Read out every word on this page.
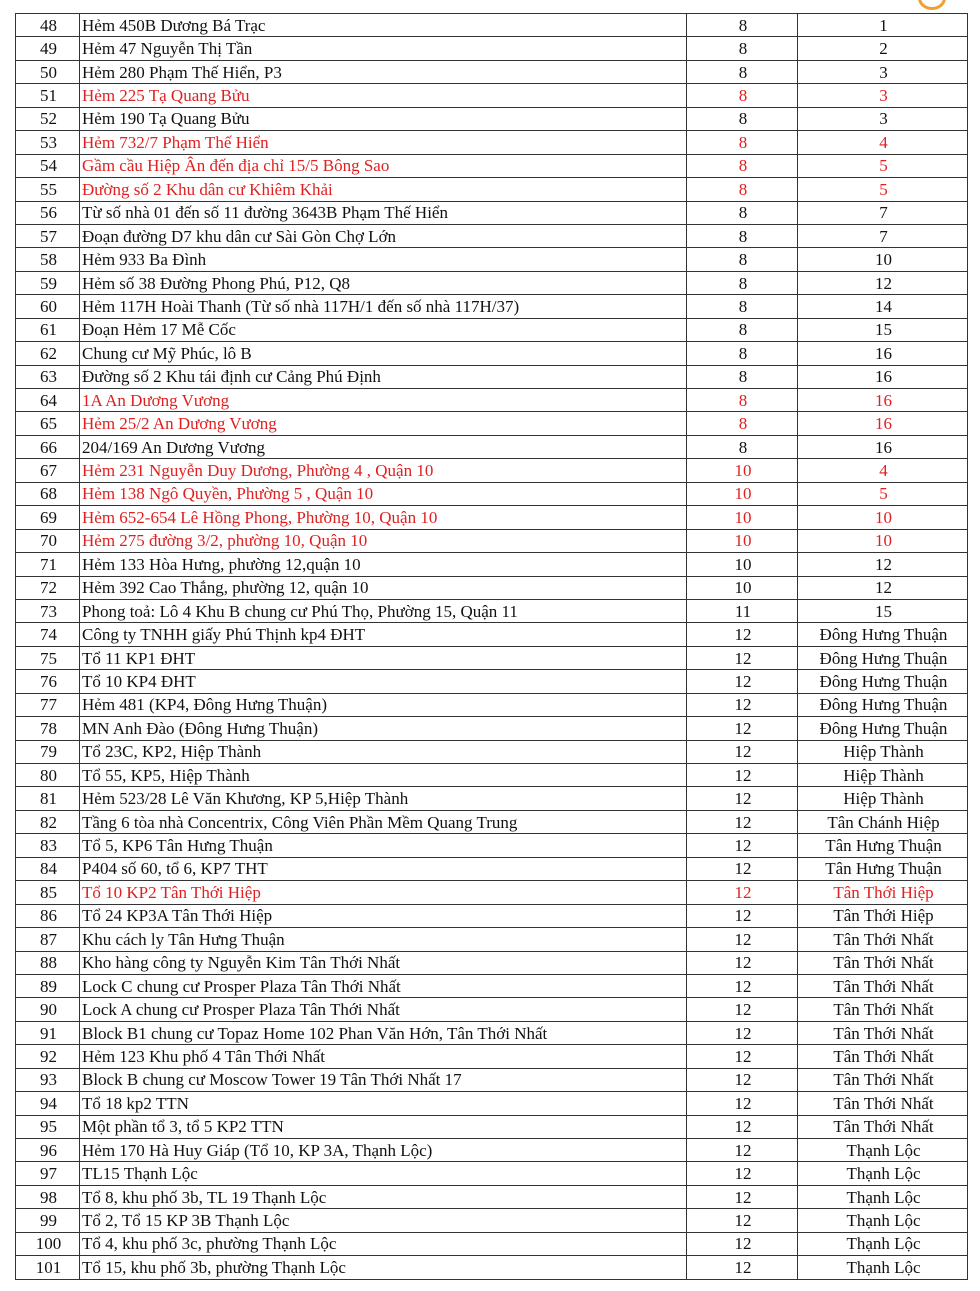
48	Hẻm 450B Dương Bá Trạc	8	1
49	Hẻm 47 Nguyễn Thị Tần	8	2
50	Hẻm 280 Phạm Thế Hiển, P3	8	3
51	Hẻm 225 Tạ Quang Bửu	8	3
52	Hẻm 190 Tạ Quang Bửu	8	3
53	Hẻm 732/7 Phạm Thế Hiển	8	4
54	Gầm cầu Hiệp Ân đến địa chỉ 15/5 Bông Sao	8	5
55	Đường số 2 Khu dân cư Khiêm Khải	8	5
56	Từ số nhà 01 đến số 11 đường 3643B Phạm Thế Hiển	8	7
57	Đoạn đường D7 khu dân cư Sài Gòn Chợ Lớn	8	7
58	Hẻm 933 Ba Đình	8	10
59	Hẻm số 38 Đường Phong Phú, P12, Q8	8	12
60	Hẻm 117H Hoài Thanh (Từ số nhà 117H/1 đến số nhà 117H/37)	8	14
61	Đoạn Hẻm 17 Mễ Cốc	8	15
62	Chung cư Mỹ Phúc, lô B	8	16
63	Đường số 2 Khu tái định cư Cảng Phú Định	8	16
64	1A An Dương Vương	8	16
65	Hẻm 25/2 An Dương Vương	8	16
66	204/169 An Dương Vương	8	16
67	Hẻm 231 Nguyễn Duy Dương, Phường 4 , Quận 10	10	4
68	Hẻm 138 Ngô Quyền, Phường 5 , Quận 10	10	5
69	Hẻm 652-654 Lê Hồng Phong, Phường 10, Quận 10	10	10
70	Hẻm 275 đường 3/2, phường 10, Quận 10	10	10
71	Hẻm 133 Hòa Hưng, phường 12,quận 10	10	12
72	Hẻm 392 Cao Thắng, phường 12, quận 10	10	12
73	Phong toả: Lô 4 Khu B chung cư Phú Thọ, Phường 15, Quận 11	11	15
74	Công ty TNHH giấy Phú Thịnh kp4 ĐHT	12	Đông Hưng Thuận
75	Tổ 11 KP1 ĐHT	12	Đông Hưng Thuận
76	Tổ 10 KP4 ĐHT	12	Đông Hưng Thuận
77	Hẻm 481 (KP4, Đông Hưng Thuận)	12	Đông Hưng Thuận
78	MN Anh Đào (Đông Hưng Thuận)	12	Đông Hưng Thuận
79	Tổ 23C, KP2, Hiệp Thành	12	Hiệp Thành
80	Tổ 55, KP5, Hiệp Thành	12	Hiệp Thành
81	Hẻm 523/28 Lê Văn Khương, KP 5,Hiệp Thành	12	Hiệp Thành
82	Tầng 6 tòa nhà Concentrix, Công Viên Phần Mềm Quang Trung	12	Tân Chánh Hiệp
83	Tổ 5, KP6 Tân Hưng Thuận	12	Tân Hưng Thuận
84	P404 số 60, tổ 6, KP7 THT	12	Tân Hưng Thuận
85	Tổ 10 KP2 Tân Thới Hiệp	12	Tân Thới Hiệp
86	Tổ 24 KP3A Tân Thới Hiệp	12	Tân Thới Hiệp
87	Khu cách ly Tân Hưng Thuận	12	Tân Thới Nhất
88	Kho hàng công ty Nguyễn Kim Tân Thới Nhất	12	Tân Thới Nhất
89	Lock C chung cư Prosper Plaza Tân Thới Nhất	12	Tân Thới Nhất
90	Lock A chung cư Prosper Plaza Tân Thới Nhất	12	Tân Thới Nhất
91	Block B1 chung cư Topaz Home 102 Phan Văn Hớn, Tân Thới Nhất	12	Tân Thới Nhất
92	Hẻm 123 Khu phố 4 Tân Thới Nhất	12	Tân Thới Nhất
93	Block B chung cư Moscow Tower 19 Tân Thới Nhất 17	12	Tân Thới Nhất
94	Tổ 18 kp2 TTN	12	Tân Thới Nhất
95	Một phần tổ 3, tổ 5 KP2 TTN	12	Tân Thới Nhất
96	Hẻm 170 Hà Huy Giáp (Tổ 10, KP 3A, Thạnh Lộc)	12	Thạnh Lộc
97	TL15 Thạnh Lộc	12	Thạnh Lộc
98	Tổ 8, khu phố 3b, TL 19 Thạnh Lộc	12	Thạnh Lộc
99	Tổ 2, Tổ 15 KP 3B Thạnh Lộc	12	Thạnh Lộc
100	Tổ 4, khu phố 3c, phường Thạnh Lộc	12	Thạnh Lộc
101	Tổ 15, khu phố 3b, phường Thạnh Lộc	12	Thạnh Lộc
